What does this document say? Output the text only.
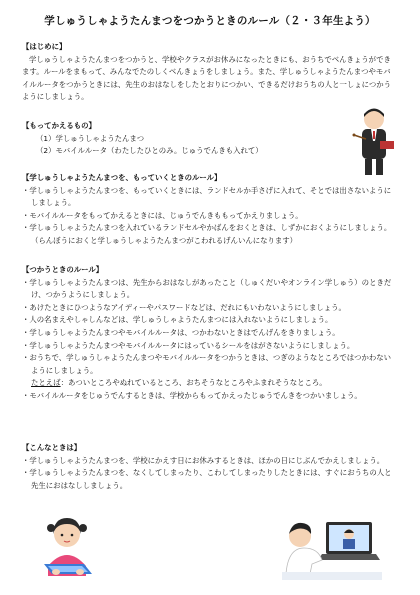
学しゅうしゃようたんまつをつかうときのルール（２・３年生よう）
【はじめに】
学しゅうしゃようたんまつをつかうと、学校やクラスがお休みになったときにも、おうちでべんきょうができます。ルールをまもって、みんなでたのしくべんきょうをしましょう。また、学しゅうしゃようたんまつやモバイルルータをつかうときには、先生のおはなしをしたとおりにつかい、できるだけおうちの人と一しょにつかうようにしましょう。
【もってかえるもの】
（1）学しゅうしゃようたんまつ
（2）モバイルルータ（わたしたひとのみ。じゅうでんきも入れて）
【学しゅうしゃようたんまつを、もっていくときのルール】
・学しゅうしゃようたんまつを、もっていくときには、ランドセルか手さげに入れて、そとでは出さないようにしましょう。
・モバイルルータをもってかえるときには、じゅうでんきももってかえりましょう。
・学しゅうしゃようたんまつを入れているランドセルやかばんをおくときは、しずかにおくようにしましょう。（らんぼうにおくと学しゅうしゃようたんまつがこわれるげんいんになります）
【つかうときのルール】
・学しゅうしゃようたんまつは、先生からおはなしがあったこと（しゅくだいやオンライン学しゅう）のときだけ、つかうようにしましょう。
・あけたときにひつようなアイディーやパスワードなどは、だれにもいわないようにしましょう。
・人の名まえやしゃしんなどは、学しゅうしゃようたんまつには入れないようにしましょう。
・学しゅうしゃようたんまつやモバイルルータは、つかわないときはでんげんをきりましょう。
・学しゅうしゃようたんまつやモバイルルータにはっているシールをはがさないようにしましょう。
・おうちで、学しゅうしゃようたんまつやモバイルルータをつかうときは、つぎのようなところではつかわないようにしましょう。
たとえば：あついところやぬれているところ、おちそうなところやふまれそうなところ。
・モバイルルータをじゅうでんするときは、学校からもってかえったじゅうでんきをつかいましょう。
【こんなときは】
・学しゅうしゃようたんまつを、学校にかえす日にお休みするときは、ほかの日にじぶんでかえしましょう。
・学しゅうしゃようたんまつを、なくしてしまったり、こわしてしまったりしたときには、すぐにおうちの人と先生におはなししましょう。
